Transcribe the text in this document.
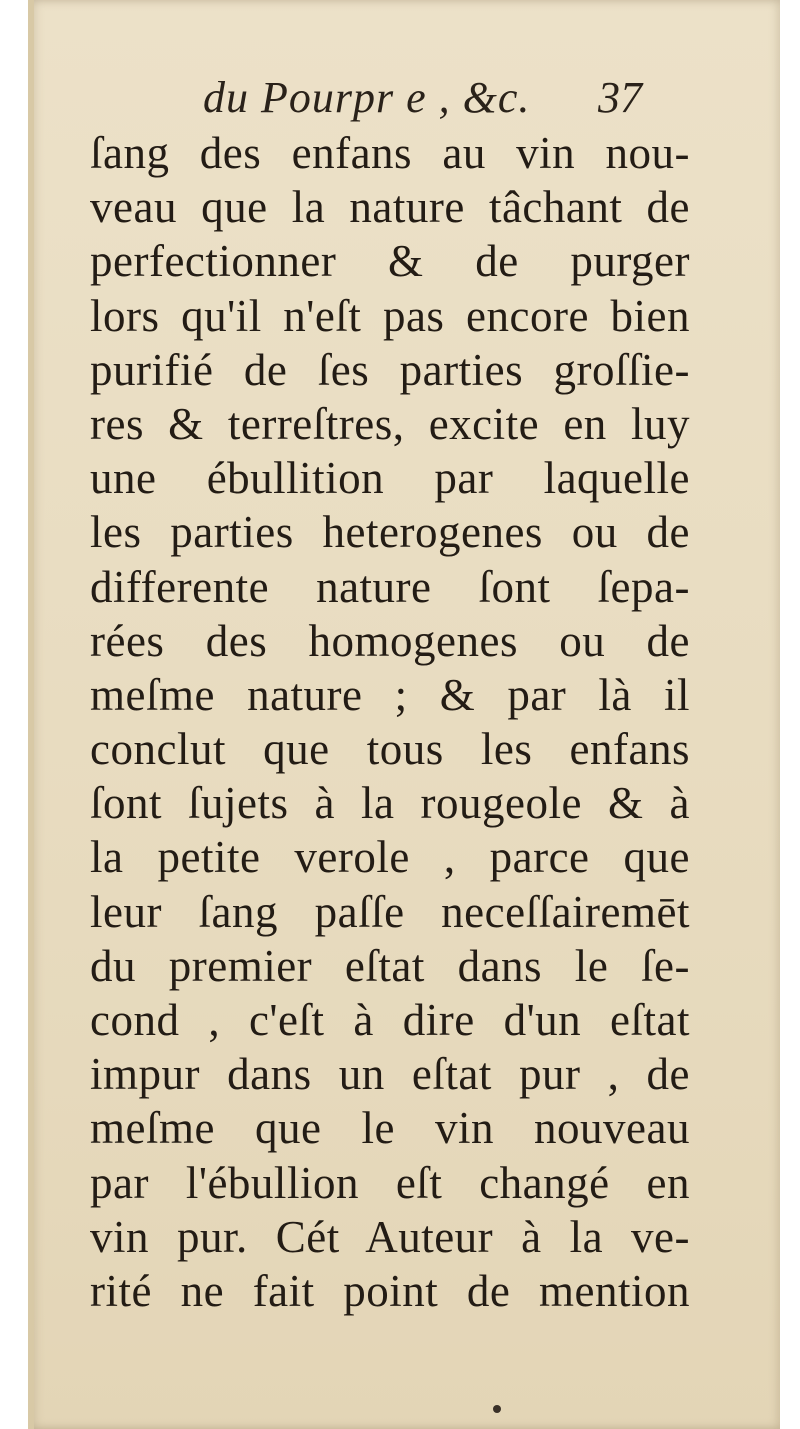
du Pourpr e , &c. 37
ſang des enfans au vin nou-
veau que la nature tâchant de
perfectionner & de purger
lors qu'il n'eſt pas encore bien
purifié de ſes parties groſſie-
res & terreſtres, excite en luy
une ébullition par laquelle
les parties heterogenes ou de
differente nature ſont ſepa-
rées des homogenes ou de
meſme nature ; & par là il
conclut que tous les enfans
ſont ſujets à la rougeole & à
la petite verole , parce que
leur ſang paſſe neceſſairemēt
du premier eſtat dans le ſe-
cond , c'eſt à dire d'un eſtat
impur dans un eſtat pur , de
meſme que le vin nouveau
par l'ébullion eſt changé en
vin pur. Cét Auteur à la ve-
rité ne fait point de mention
